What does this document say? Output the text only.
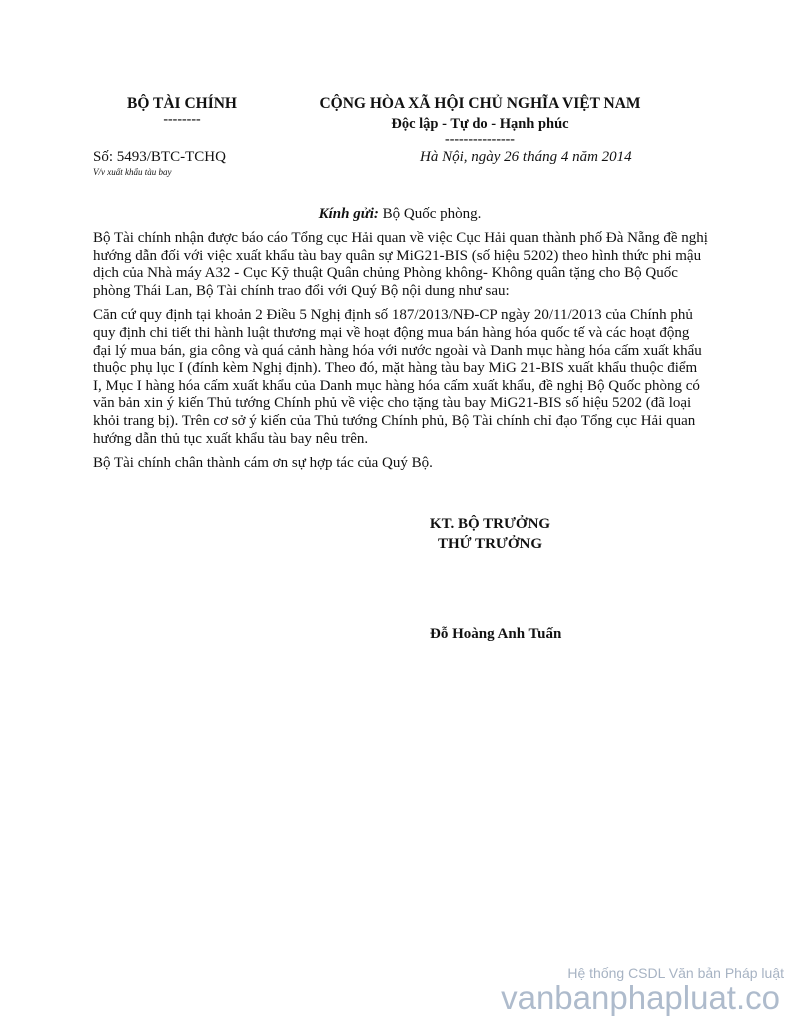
BỘ TÀI CHÍNH
--------
CỘNG HÒA XÃ HỘI CHỦ NGHĨA VIỆT NAM
Độc lập - Tự do - Hạnh phúc
---------------
Số: 5493/BTC-TCHQ
V/v xuất khẩu tàu bay
Hà Nội, ngày 26 tháng 4 năm 2014
Kính gửi: Bộ Quốc phòng.

Bộ Tài chính nhận được báo cáo Tổng cục Hải quan về việc Cục Hải quan thành phố Đà Nẵng đề nghị hướng dẫn đối với việc xuất khẩu tàu bay quân sự MiG21-BIS (số hiệu 5202) theo hình thức phi mậu dịch của Nhà máy A32 - Cục Kỹ thuật Quân chủng Phòng không- Không quân tặng cho Bộ Quốc phòng Thái Lan, Bộ Tài chính trao đổi với Quý Bộ nội dung như sau:

Căn cứ quy định tại khoản 2 Điều 5 Nghị định số 187/2013/NĐ-CP ngày 20/11/2013 của Chính phủ quy định chi tiết thi hành luật thương mại về hoạt động mua bán hàng hóa quốc tế và các hoạt động đại lý mua bán, gia công và quá cảnh hàng hóa với nước ngoài và Danh mục hàng hóa cấm xuất khẩu thuộc phụ lục I (đính kèm Nghị định). Theo đó, mặt hàng tàu bay MiG 21-BIS xuất khẩu thuộc điểm I, Mục I hàng hóa cấm xuất khẩu của Danh mục hàng hóa cấm xuất khẩu, đề nghị Bộ Quốc phòng có văn bản xin ý kiến Thủ tướng Chính phủ về việc cho tặng tàu bay MiG21-BIS số hiệu 5202 (đã loại khỏi trang bị). Trên cơ sở ý kiến của Thủ tướng Chính phủ, Bộ Tài chính chỉ đạo Tổng cục Hải quan hướng dẫn thủ tục xuất khẩu tàu bay nêu trên.

Bộ Tài chính chân thành cám ơn sự hợp tác của Quý Bộ.

KT. BỘ TRƯỞNG
THỨ TRƯỞNG
Đỗ Hoàng Anh Tuấn
Hệ thống CSDL Văn bản Pháp luật
vanbanphapluat.co
